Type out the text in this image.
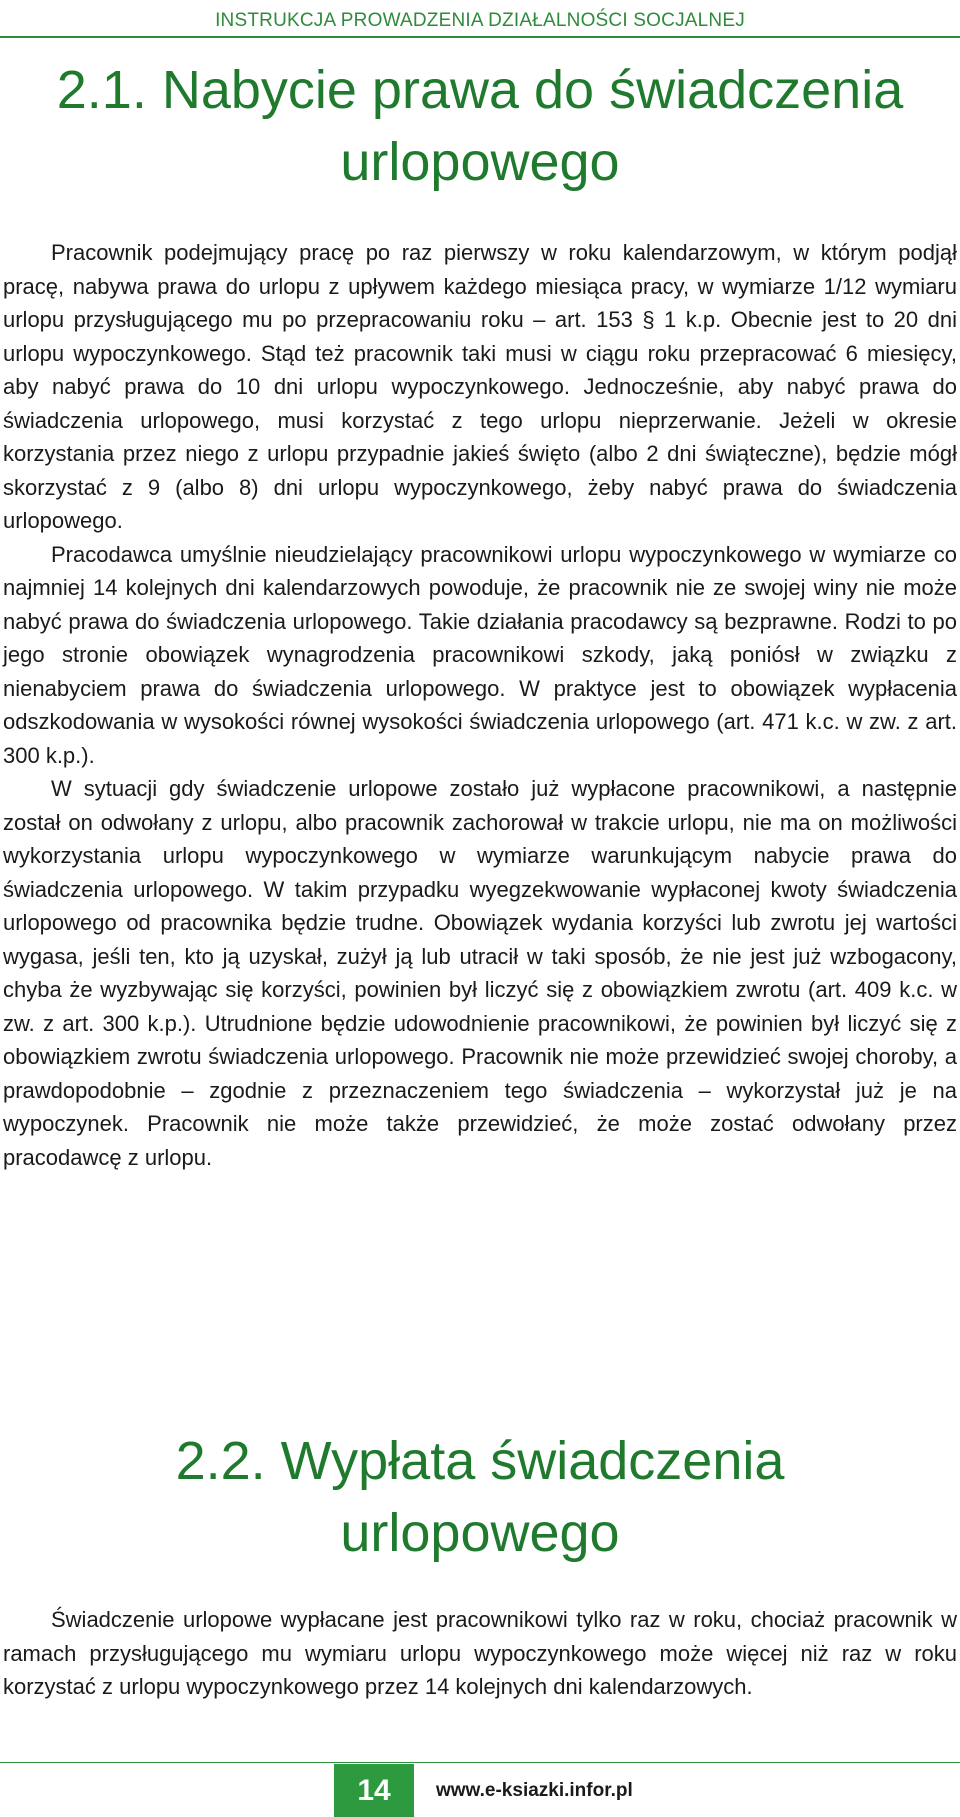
INSTRUKCJA PROWADZENIA DZIAŁALNOŚCI SOCJALNEJ
2.1. Nabycie prawa do świadczenia
urlopowego

Pracownik podejmujący pracę po raz pierwszy w roku kalendarzowym, w którym podjął pracę, nabywa prawa do urlopu z upływem każdego miesiąca pracy, w wymiarze 1/12 wymiaru urlopu przysługującego mu po przepracowaniu roku – art. 153 § 1 k.p. Obecnie jest to 20 dni urlopu wypoczynkowego. Stąd też pracownik taki musi w ciągu roku przepracować 6 miesięcy, aby nabyć prawa do 10 dni urlopu wypoczynkowego. Jednocześnie, aby nabyć prawa do świadczenia urlopowego, musi korzystać z tego urlopu nieprzerwanie. Jeżeli w okresie korzystania przez niego z urlopu przypadnie jakieś święto (albo 2 dni świąteczne), będzie mógł skorzystać z 9 (albo 8) dni urlopu wypoczynkowego, żeby nabyć prawa do świadczenia urlopowego.

Pracodawca umyślnie nieudzielający pracownikowi urlopu wypoczynkowego w wymiarze co najmniej 14 kolejnych dni kalendarzowych powoduje, że pracownik nie ze swojej winy nie może nabyć prawa do świadczenia urlopowego. Takie działania pracodawcy są bezprawne. Rodzi to po jego stronie obowiązek wynagrodzenia pracownikowi szkody, jaką poniósł w związku z nienabyciem prawa do świadczenia urlopowego. W praktyce jest to obowiązek wypłacenia odszkodowania w wysokości równej wysokości świadczenia urlopowego (art. 471 k.c. w zw. z art. 300 k.p.).

W sytuacji gdy świadczenie urlopowe zostało już wypłacone pracownikowi, a następnie został on odwołany z urlopu, albo pracownik zachorował w trakcie urlopu, nie ma on możliwości wykorzystania urlopu wypoczynkowego w wymiarze warunkującym nabycie prawa do świadczenia urlopowego. W takim przypadku wyegzekwowanie wypłaconej kwoty świadczenia urlopowego od pracownika będzie trudne. Obowiązek wydania korzyści lub zwrotu jej wartości wygasa, jeśli ten, kto ją uzyskał, zużył ją lub utracił w taki sposób, że nie jest już wzbogacony, chyba że wyzbywając się korzyści, powinien był liczyć się z obowiązkiem zwrotu (art. 409 k.c. w zw. z art. 300 k.p.). Utrudnione będzie udowodnienie pracownikowi, że powinien był liczyć się z obowiązkiem zwrotu świadczenia urlopowego. Pracownik nie może przewidzieć swojej choroby, a prawdopodobnie – zgodnie z przeznaczeniem tego świadczenia – wykorzystał już je na wypoczynek. Pracownik nie może także przewidzieć, że może zostać odwołany przez pracodawcę z urlopu.

2.2. Wypłata świadczenia
urlopowego

Świadczenie urlopowe wypłacane jest pracownikowi tylko raz w roku, chociaż pracownik w ramach przysługującego mu wymiaru urlopu wypoczynkowego może więcej niż raz w roku korzystać z urlopu wypoczynkowego przez 14 kolejnych dni kalendarzowych.

14	www.e-ksiazki.infor.pl
